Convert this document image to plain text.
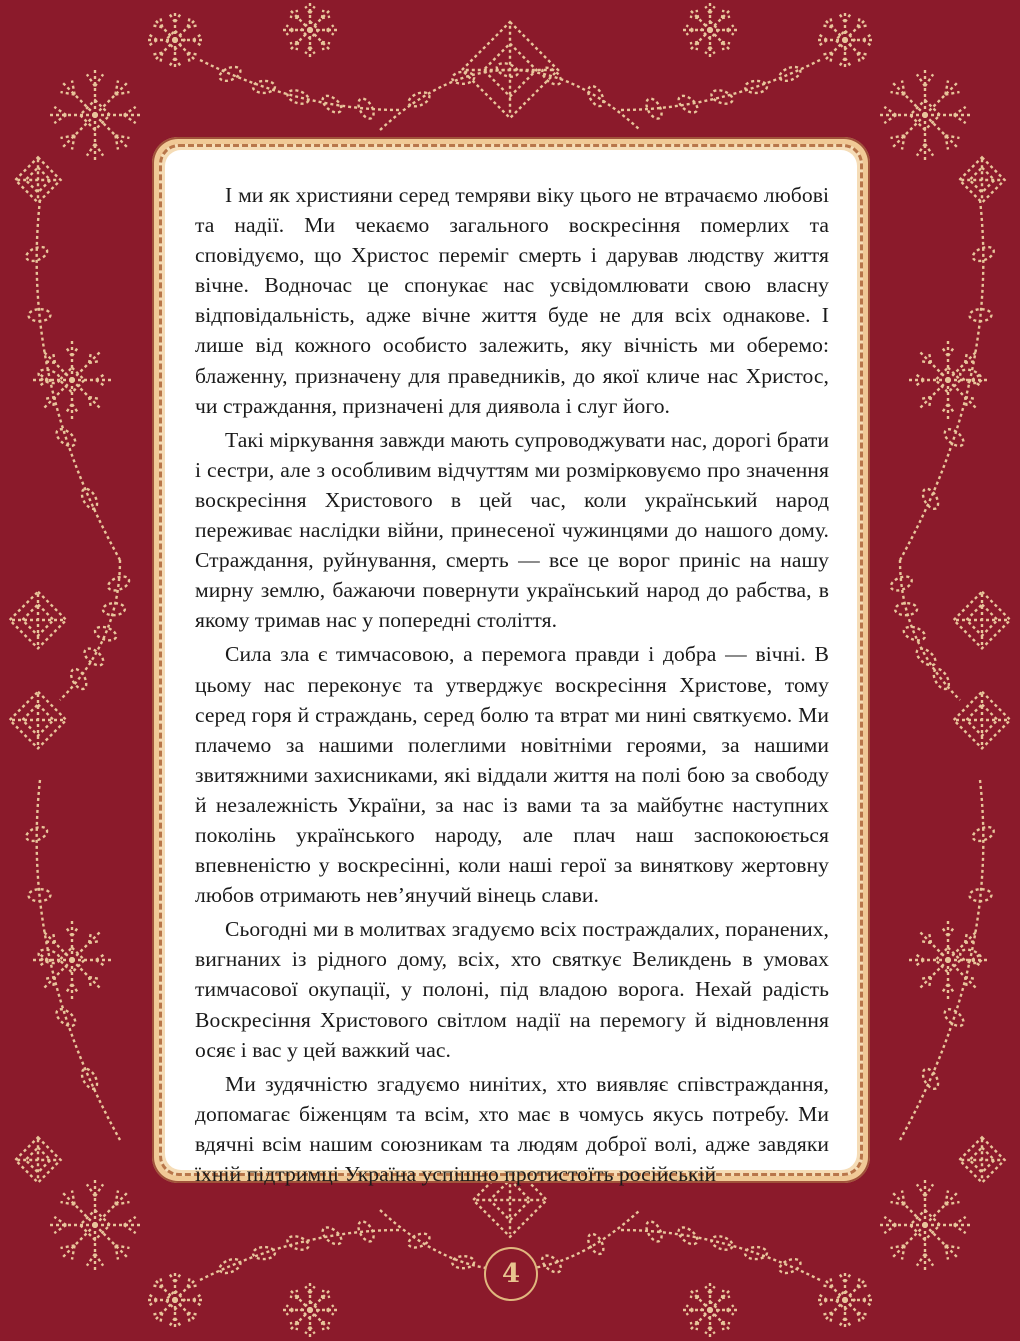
І ми як християни серед темряви віку цього не втрачаємо любові та надії. Ми чекаємо загального воскресіння померлих та сповідуємо, що Христос переміг смерть і дарував людству життя вічне. Водночас це спонукає нас усвідомлювати свою власну відповідальність, адже вічне життя буде не для всіх однакове. І лише від кожного особисто залежить, яку вічність ми оберемо: блаженну, призначену для праведників, до якої кличе нас Христос, чи страждання, призначені для диявола і слуг його.

Такі міркування завжди мають супроводжувати нас, дорогі брати і сестри, але з особливим відчуттям ми розмірковуємо про значення воскресіння Христового в цей час, коли український народ переживає наслідки війни, принесеної чужинцями до нашого дому. Страждання, руйнування, смерть — все це ворог приніс на нашу мирну землю, бажаючи повернути український народ до рабства, в якому тримав нас у попередні століття.

Сила зла є тимчасовою, а перемога правди і добра — вічні. В цьому нас переконує та утверджує воскресіння Христове, тому серед горя й страждань, серед болю та втрат ми нині святкуємо. Ми плачемо за нашими полеглими новітніми героями, за нашими звитяжними захисниками, які віддали життя на полі бою за свободу й незалежність України, за нас із вами та за майбутнє наступних поколінь українського народу, але плач наш заспокоюється впевненістю у воскресінні, коли наші герої за виняткову жертовну любов отримають нев’янучий вінець слави.

Сьогодні ми в молитвах згадуємо всіх постраждалих, поранених, вигнаних із рідного дому, всіх, хто святкує Великдень в умовах тимчасової окупації, у полоні, під владою ворога. Нехай радість Воскресіння Христового світлом надії на перемогу й відновлення осяє і вас у цей важкий час.

Ми зудячністю згадуємо нинітих, хто виявляє співстраждання, допомагає біженцям та всім, хто має в чомусь якусь потребу. Ми вдячні всім нашим союзникам та людям доброї волі, адже завдяки їхній підтримці Україна успішно протистоїть російській

4
